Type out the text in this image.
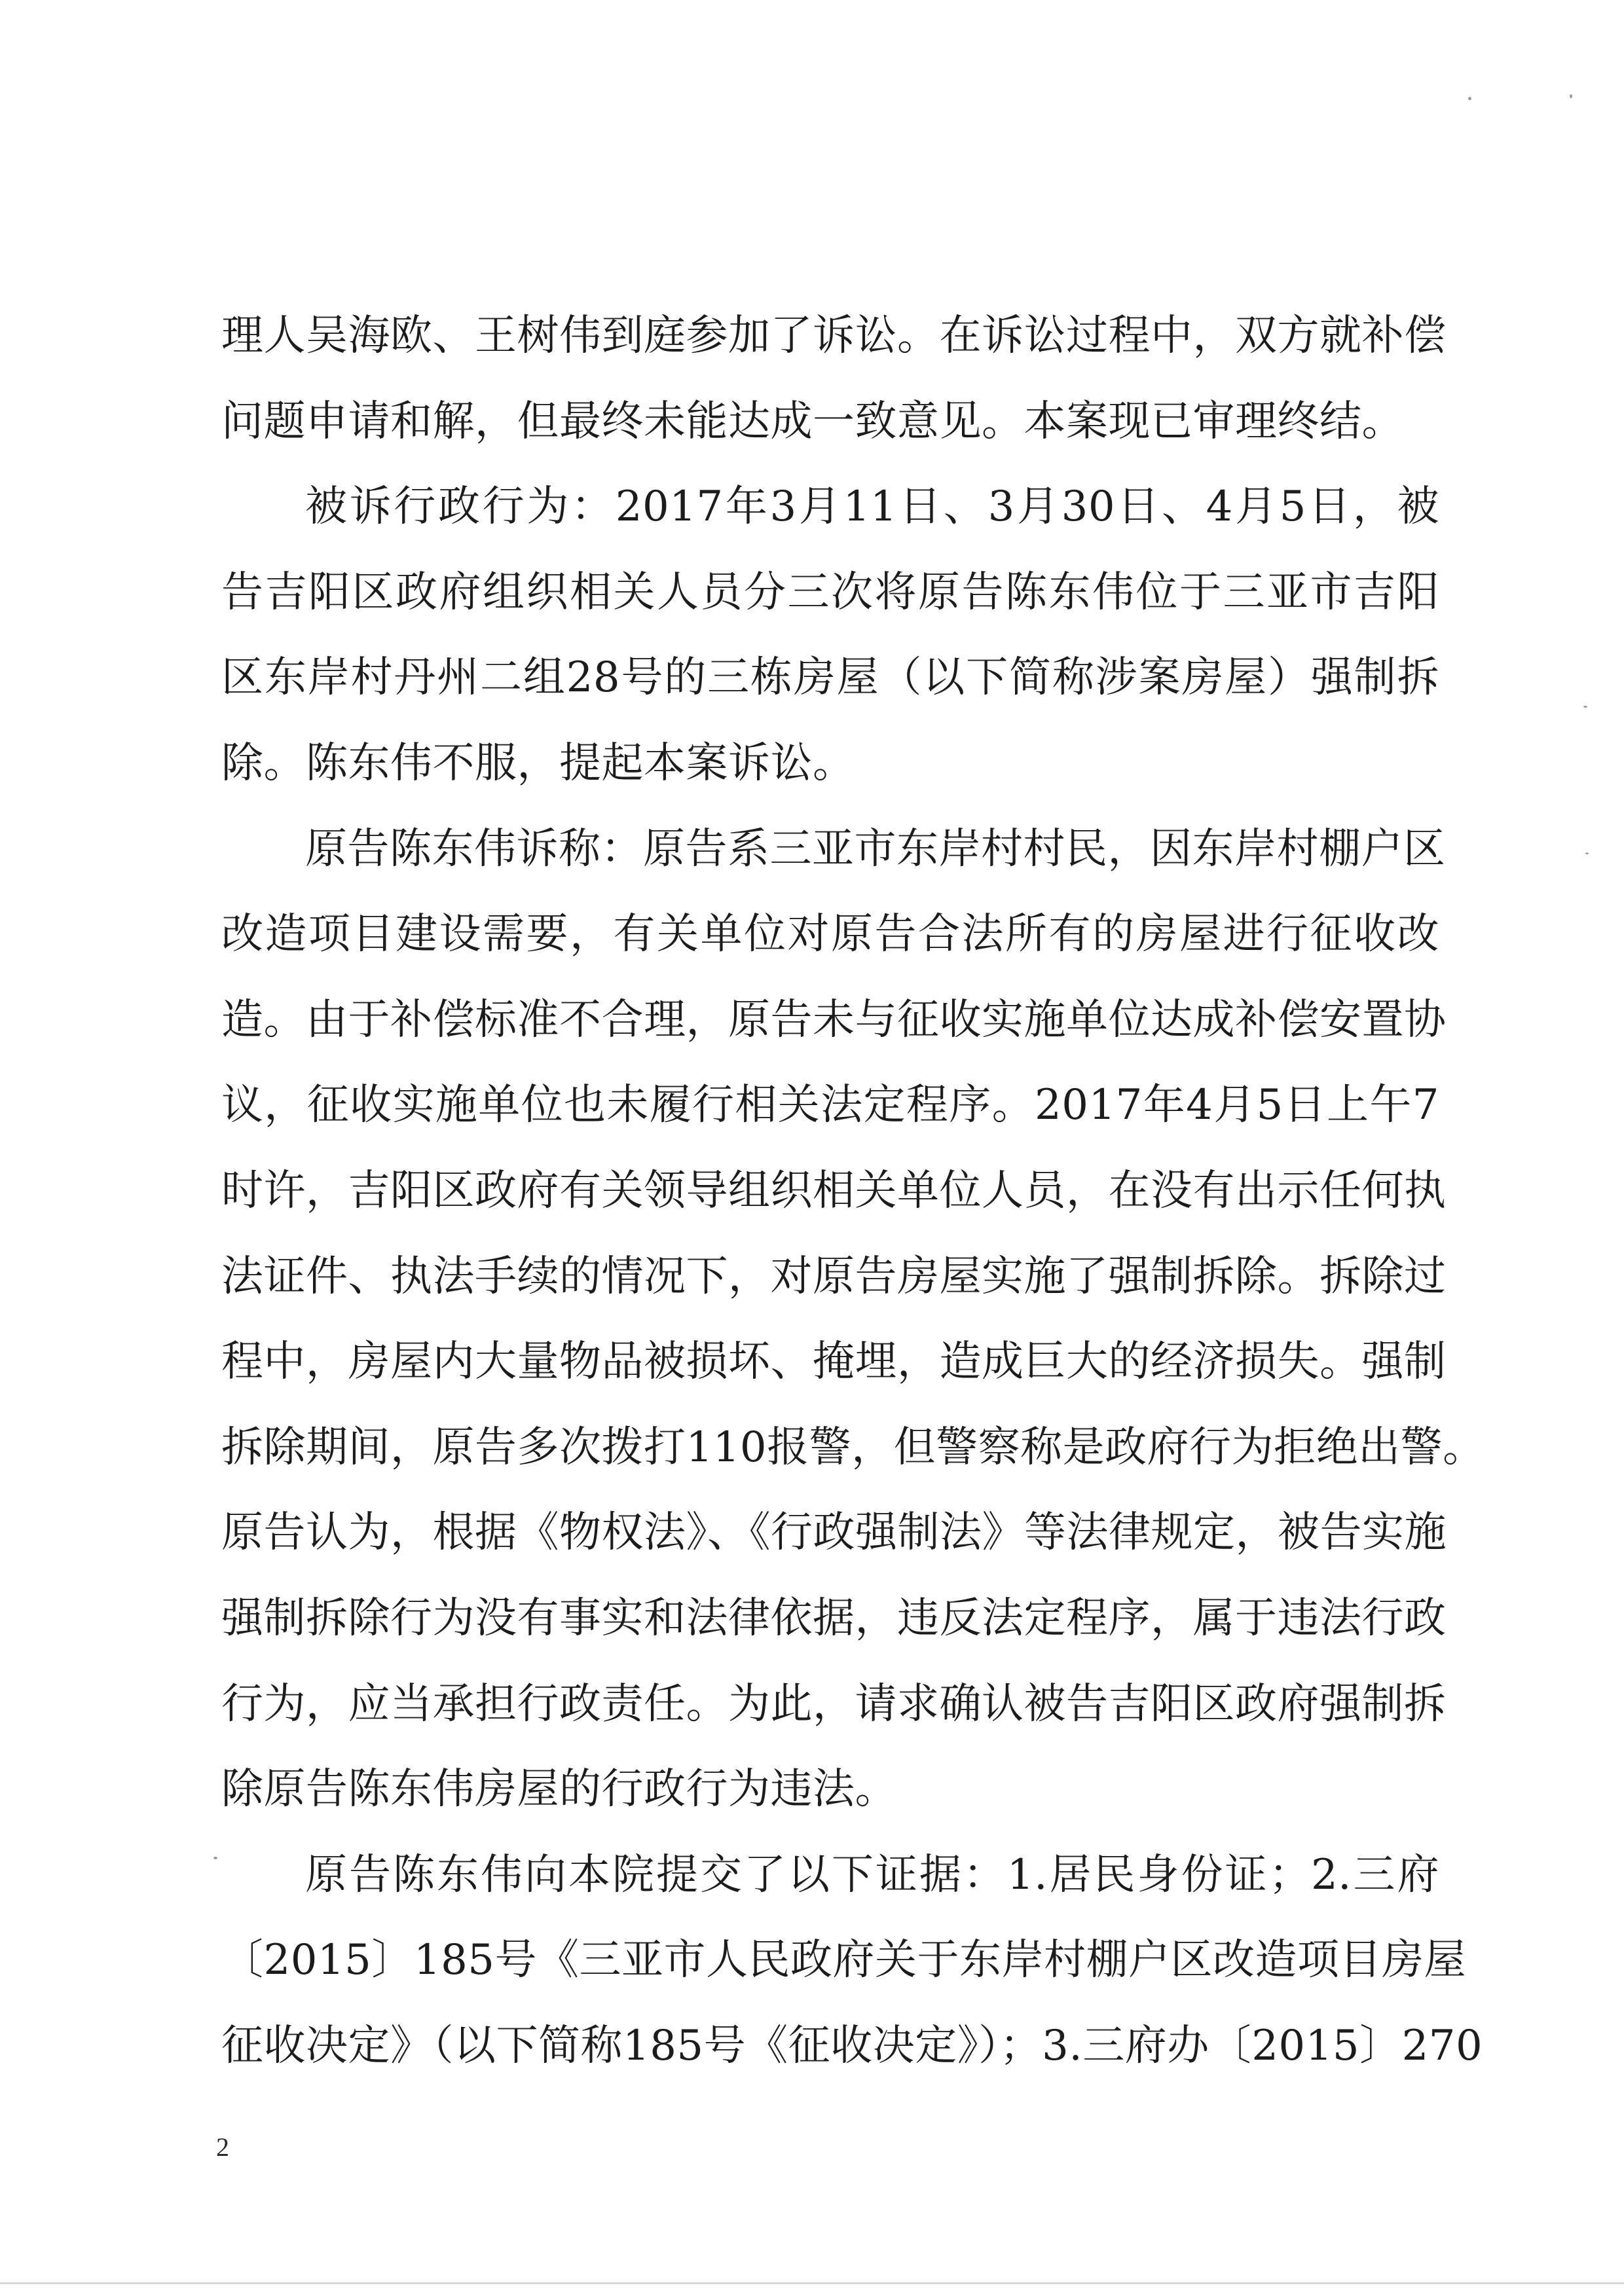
理人吴海欧、王树伟到庭参加了诉讼。在诉讼过程中，双方就补偿
问题申请和解，但最终未能达成一致意见。本案现已审理终结。
被诉行政行为：2017年3月11日、3月30日、4月5日，被
告吉阳区政府组织相关人员分三次将原告陈东伟位于三亚市吉阳
区东岸村丹州二组28号的三栋房屋（以下简称涉案房屋）强制拆
除。陈东伟不服，提起本案诉讼。
原告陈东伟诉称：原告系三亚市东岸村村民，因东岸村棚户区
改造项目建设需要，有关单位对原告合法所有的房屋进行征收改
造。由于补偿标准不合理，原告未与征收实施单位达成补偿安置协
议，征收实施单位也未履行相关法定程序。2017年4月5日上午7
时许，吉阳区政府有关领导组织相关单位人员，在没有出示任何执
法证件、执法手续的情况下，对原告房屋实施了强制拆除。拆除过
程中，房屋内大量物品被损坏、掩埋，造成巨大的经济损失。强制
拆除期间，原告多次拨打110报警，但警察称是政府行为拒绝出警。
原告认为，根据《物权法》、《行政强制法》等法律规定，被告实施
强制拆除行为没有事实和法律依据，违反法定程序，属于违法行政
行为，应当承担行政责任。为此，请求确认被告吉阳区政府强制拆
除原告陈东伟房屋的行政行为违法。
原告陈东伟向本院提交了以下证据：1.居民身份证；2.三府
〔2015〕185号《三亚市人民政府关于东岸村棚户区改造项目房屋
征收决定》（以下简称185号《征收决定》）；3.三府办〔2015〕270
2
